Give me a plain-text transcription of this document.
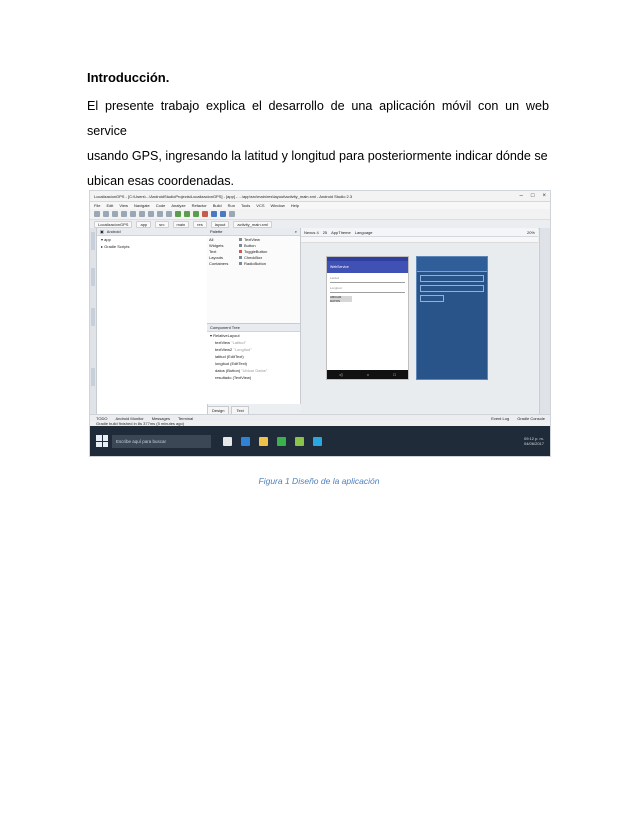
Introducción.
El presente trabajo explica el desarrollo de una aplicación móvil con un web service
usando GPS, ingresando la latitud y longitud para posteriormente indicar dónde se
ubican esas coordenadas.
LocalizacionGPS - [C:\Users\...\AndroidStudioProjects\LocalizacionGPS] - [app] - ...\app\src\main\res\layout\activity_main.xml - Android Studio 2.3	– □ ×
File Edit View Navigate Code Analyze Refactor Build Run Tools VCS Window Help
LocalizacionGPS	app	src	main	res	layout	activity_main.xml
▣ Android
▾ app
▸ Gradle Scripts
Palette	⌕
All
Widgets
Text
Layouts
Containers
TextView
Button
ToggleButton
CheckBox
RadioButton
Component Tree
▾ RelativeLayout
textView "Latitud"
textView2 "Longitud"
latitud (EditText)
longitud (EditText)
datos (Button) "Ubicar Datos"
resultado (TextView)
Design	Text
Nexus 4 25 AppTheme Language	20%
WebService
Latitud
Longitud
UBICAR DATOS
◁	○	□
TODO Android Monitor Messages Terminal	Event Log Gradle Console
Gradle build finished in 8s 377ms (5 minutes ago)
Escribe aquí para buscar	09:12 p. m.
04/06/2017
Figura 1 Diseño de la aplicación
